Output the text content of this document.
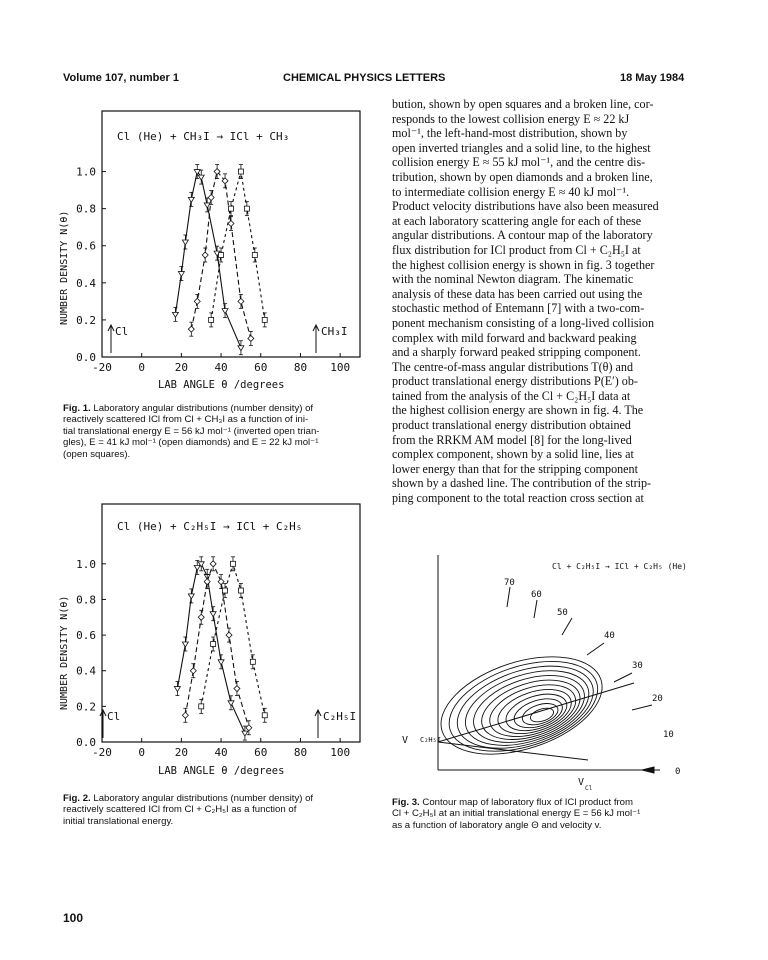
Volume 107, number 1	CHEMICAL PHYSICS LETTERS	18 May 1984
bution, shown by open squares and a broken line, cor-
responds to the lowest collision energy E ≈ 22 kJ
mol⁻¹, the left-hand-most distribution, shown by
open inverted triangles and a solid line, to the highest
collision energy E ≈ 55 kJ mol⁻¹, and the centre dis-
tribution, shown by open diamonds and a broken line,
to intermediate collision energy E ≈ 40 kJ mol⁻¹.
Product velocity distributions have also been measured
at each laboratory scattering angle for each of these
angular distributions. A contour map of the laboratory
flux distribution for ICl product from Cl + C₂H₅I at
the highest collision energy is shown in fig. 3 together
with the nominal Newton diagram. The kinematic
analysis of these data has been carried out using the
stochastic method of Entemann [7] with a two-com-
ponent mechanism consisting of a long-lived collision
complex with mild forward and backward peaking
and a sharply forward peaked stripping component.
The centre-of-mass angular distributions T(θ) and
product translational energy distributions P(E′) ob-
tained from the analysis of the Cl + C₂H₅I data at
the highest collision energy are shown in fig. 4. The
product translational energy distribution obtained
from the RRKM AM model [8] for the long-lived
complex component, shown by a solid line, lies at
lower energy than that for the stripping component
shown by a dashed line. The contribution of the strip-
ping component to the total reaction cross section at
Cl (He) + CH₃I → ICl + CH₃
-20 0	20 40 60 80 100
0.0
0.2
0.4
0.6
0.8
1.0
Cl	CH₃I
NUMBER DENSITY N(θ)
LAB ANGLE θ /degrees
Fig. 1. Laboratory angular distributions (number density) of
reactively scattered ICl from Cl + CH₃I as a function of ini-
tial translational energy E = 56 kJ mol⁻¹ (inverted open trian-
gles), E = 41 kJ mol⁻¹ (open diamonds) and E = 22 kJ mol⁻¹
(open squares).
Cl (He) + C₂H₅I → ICl + C₂H₅
-20 0	20 40 60 80 100
0.0
0.2
0.4
0.6
0.8
1.0
Cl	C₂H₅I
NUMBER DENSITY N(θ)
LAB ANGLE θ /degrees
Fig. 2. Laboratory angular distributions (number density) of
reactively scattered ICl from Cl + C₂H₅I as a function of
initial translational energy.
Cl + C₂H₅I → ICl + C₂H₅ (He)
70
60
50
40
30
20
10
0
V C₂H₅I
V
Cl
Fig. 3. Contour map of laboratory flux of ICl product from
Cl + C₂H₅I at an initial translational energy E = 56 kJ mol⁻¹
as a function of laboratory angle Θ and velocity v.
100
